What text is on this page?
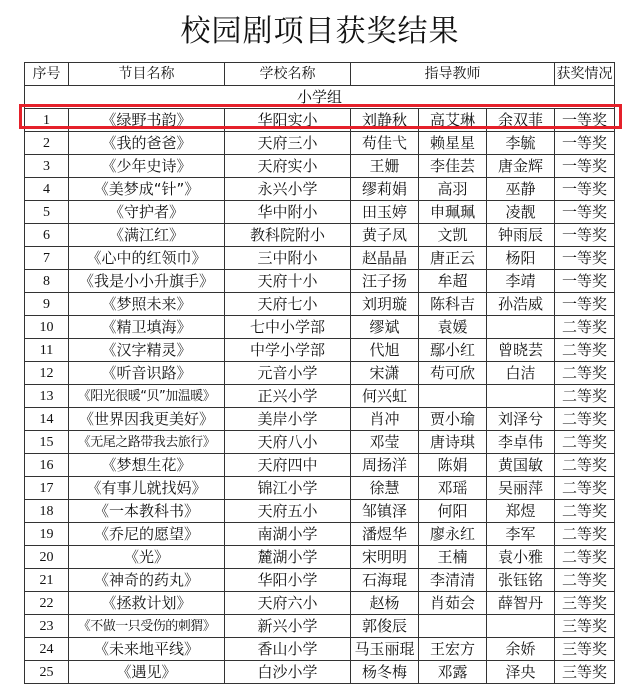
校园剧项目获奖结果
序号	节目名称	学校名称	指导教师			获奖情况
小学组						
1	《绿野书韵》	华阳实小	刘静秋	高艾琳	余双菲	一等奖
2	《我的爸爸》	天府三小	苟佳弋	赖星星	李毓	一等奖
3	《少年史诗》	天府实小	王姗	李佳芸	唐金辉	一等奖
4	《美梦成“针”》	永兴小学	缪莉娟	高羽	巫静	一等奖
5	《守护者》	华中附小	田玉婷	申珮珮	凌靓	一等奖
6	《满江红》	教科院附小	黄子凤	文凯	钟雨辰	一等奖
7	《心中的红领巾》	三中附小	赵晶晶	唐正云	杨阳	一等奖
8	《我是小小升旗手》	天府十小	汪子扬	牟超	李靖	一等奖
9	《梦照未来》	天府七小	刘玥璇	陈科吉	孙浩威	一等奖
10	《精卫填海》	七中小学部	缪斌	袁媛		二等奖
11	《汉字精灵》	中学小学部	代旭	鄢小红	曾晓芸	二等奖
12	《听音识路》	元音小学	宋潇	苟可欣	白洁	二等奖
13	《阳光很暖“贝”加温暖》	正兴小学	何兴虹			二等奖
14	《世界因我更美好》	美岸小学	肖冲	贾小瑜	刘泽兮	二等奖
15	《无尾之路带我去旅行》	天府八小	邓莹	唐诗琪	李卓伟	二等奖
16	《梦想生花》	天府四中	周扬洋	陈娟	黄国敏	二等奖
17	《有事儿就找妈》	锦江小学	徐慧	邓瑶	吴丽萍	二等奖
18	《一本教科书》	天府五小	邹镇泽	何阳	郑煜	二等奖
19	《乔尼的愿望》	南湖小学	潘煜华	廖永红	李军	二等奖
20	《光》	麓湖小学	宋明明	王楠	袁小雅	二等奖
21	《神奇的药丸》	华阳小学	石海琨	李清清	张钰铭	二等奖
22	《拯救计划》	天府六小	赵杨	肖茹会	薛智丹	三等奖
23	《不做一只受伤的刺猬》	新兴小学	郭俊辰			三等奖
24	《未来地平线》	香山小学	马玉丽琨	王宏方	余娇	三等奖
25	《遇见》	白沙小学	杨冬梅	邓露	泽央	三等奖
